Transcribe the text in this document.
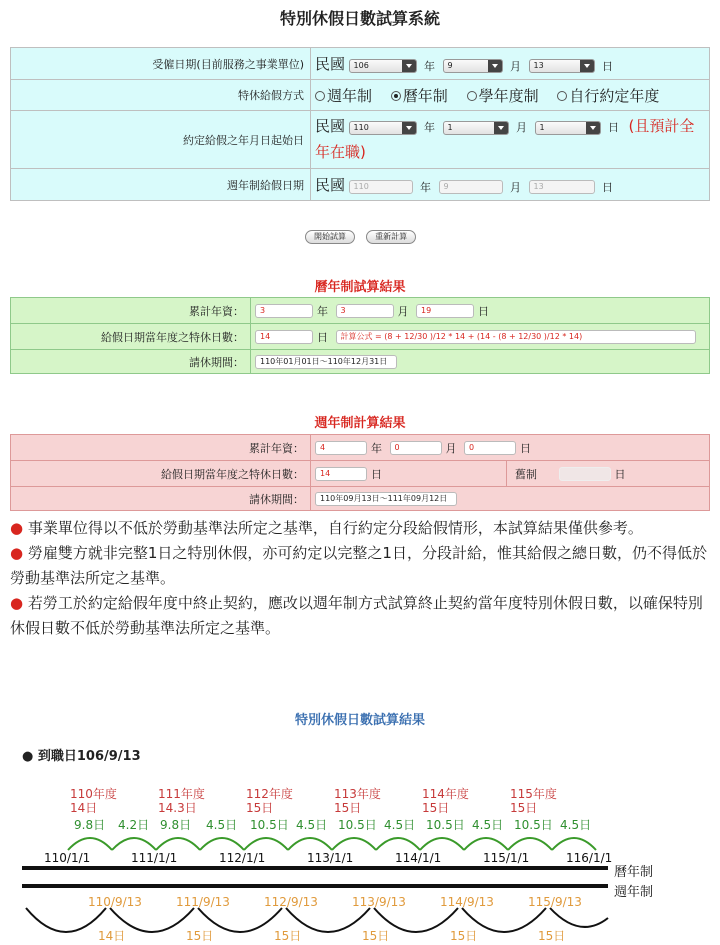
特別休假日數試算系統
受僱日期(目前服務之事業單位)	民國 106 年 9 月 13 日
特休給假方式	週年制 曆年制 學年度制 自行約定年度
約定給假之年月日起始日	民國 110 年 1 月 1 日 (且預計全年在職)
週年制給假日期	民國 110 年 9 月 13 日
開始試算	重新計算
曆年制試算結果
累計年資：	3 年 3 月 19 日
給假日期當年度之特休日數：	14 日 計算公式 = (8 + 12/30 )/12 * 14 + (14 - (8 + 12/30 )/12 * 14)
請休期間：	110年01月01日～110年12月31日
週年制計算結果
累計年資：	4 年 0 月 0 日	
給假日期當年度之特休日數：	14 日	舊制 日
請休期間：	110年09月13日～111年09月12日	
● 事業單位得以不低於勞動基準法所定之基準，自行約定分段給假情形，本試算結果僅供參考。
● 勞雇雙方就非完整1日之特別休假，亦可約定以完整之1日，分段計給，惟其給假之總日數，仍不得低於勞動基準法所定之基準。
● 若勞工於約定給假年度中終止契約，應改以週年制方式試算終止契約當年度特別休假日數，以確保特別休假日數不低於勞動基準法所定之基準。
特別休假日數試算結果
● 到職日106/9/13
110年度
14日
111年度
14.3日
112年度
15日
113年度
15日
114年度
15日
115年度
15日
9.8日 4.2日 9.8日 4.5日 10.5日 4.5日 10.5日 4.5日 10.5日 4.5日 10.5日 4.5日
110/1/1	111/1/1	112/1/1	113/1/1	114/1/1	115/1/1	116/1/1
曆年制
週年制
110/9/13	111/9/13	112/9/13	113/9/13	114/9/13	115/9/13
14日	15日	15日	15日	15日	15日
